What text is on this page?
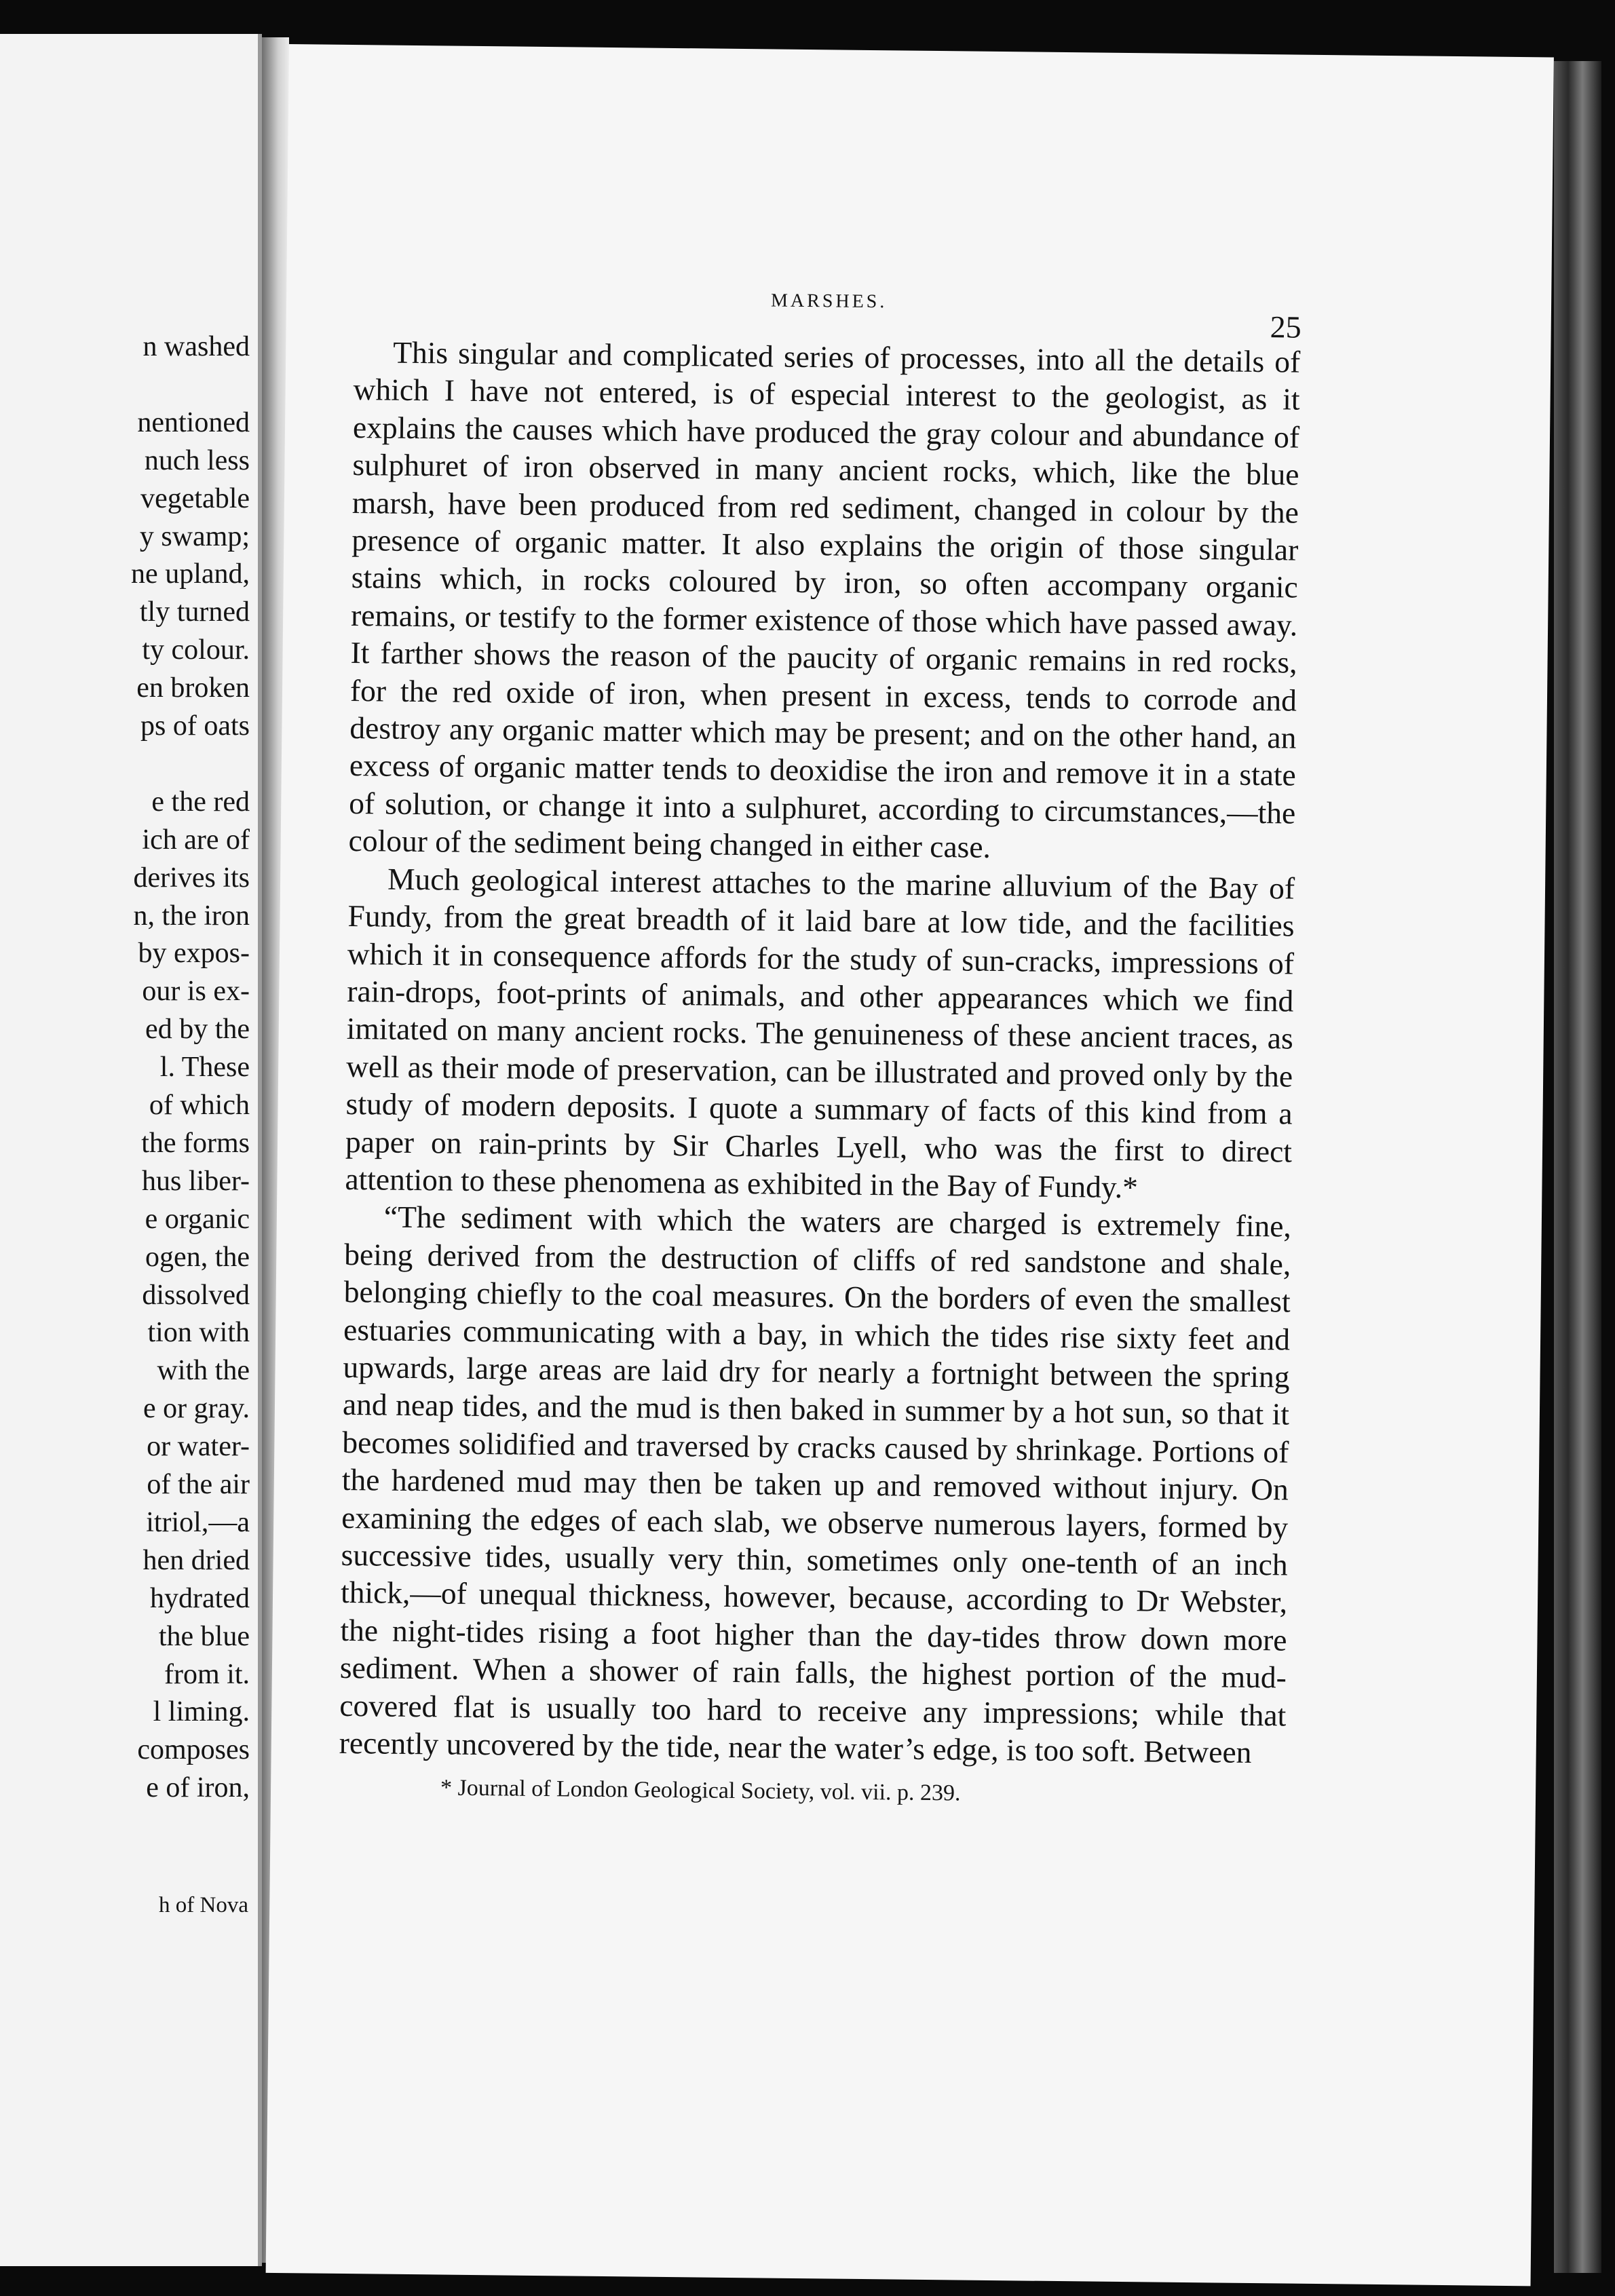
n washed
nentioned
nuch less
vegetable
y swamp;
ne upland,
tly turned
ty colour.
en broken
ps of oats
e the red
ich are of
derives its
n, the iron
by expos-
our is ex-
ed by the
l. These
of which
the forms
hus liber-
e organic
ogen, the
dissolved
tion with
with the
e or gray.
or water-
of the air
itriol,—a
hen dried
hydrated
the blue
from it.
l liming.
composes
e of iron,
h of Nova
MARSHES.
25

This singular and complicated series of processes, into all the details of which I have not entered, is of especial interest to the geologist, as it explains the causes which have produced the gray colour and abundance of sulphuret of iron observed in many ancient rocks, which, like the blue marsh, have been produced from red sediment, changed in colour by the presence of organic matter. It also explains the origin of those singular stains which, in rocks coloured by iron, so often accompany organic remains, or testify to the former existence of those which have passed away. It farther shows the reason of the paucity of organic remains in red rocks, for the red oxide of iron, when present in excess, tends to corrode and destroy any organic matter which may be present; and on the other hand, an excess of organic matter tends to deoxidise the iron and remove it in a state of solution, or change it into a sulphuret, according to circumstances,—the colour of the sediment being changed in either case.

Much geological interest attaches to the marine alluvium of the Bay of Fundy, from the great breadth of it laid bare at low tide, and the facilities which it in consequence affords for the study of sun-cracks, impressions of rain-drops, foot-prints of animals, and other appearances which we find imitated on many ancient rocks. The genuineness of these ancient traces, as well as their mode of preservation, can be illustrated and proved only by the study of modern deposits. I quote a summary of facts of this kind from a paper on rain-prints by Sir Charles Lyell, who was the first to direct attention to these phenomena as exhibited in the Bay of Fundy.*

“The sediment with which the waters are charged is extremely fine, being derived from the destruction of cliffs of red sandstone and shale, belonging chiefly to the coal measures. On the borders of even the smallest estuaries communicating with a bay, in which the tides rise sixty feet and upwards, large areas are laid dry for nearly a fortnight between the spring and neap tides, and the mud is then baked in summer by a hot sun, so that it becomes solidified and traversed by cracks caused by shrinkage. Portions of the hardened mud may then be taken up and removed without injury. On examining the edges of each slab, we observe numerous layers, formed by successive tides, usually very thin, sometimes only one-tenth of an inch thick,—of unequal thickness, however, because, according to Dr Webster, the night-tides rising a foot higher than the day-tides throw down more sediment. When a shower of rain falls, the highest portion of the mud-covered flat is usually too hard to receive any impressions; while that recently uncovered by the tide, near the water’s edge, is too soft. Between

* Journal of London Geological Society, vol. vii. p. 239.
